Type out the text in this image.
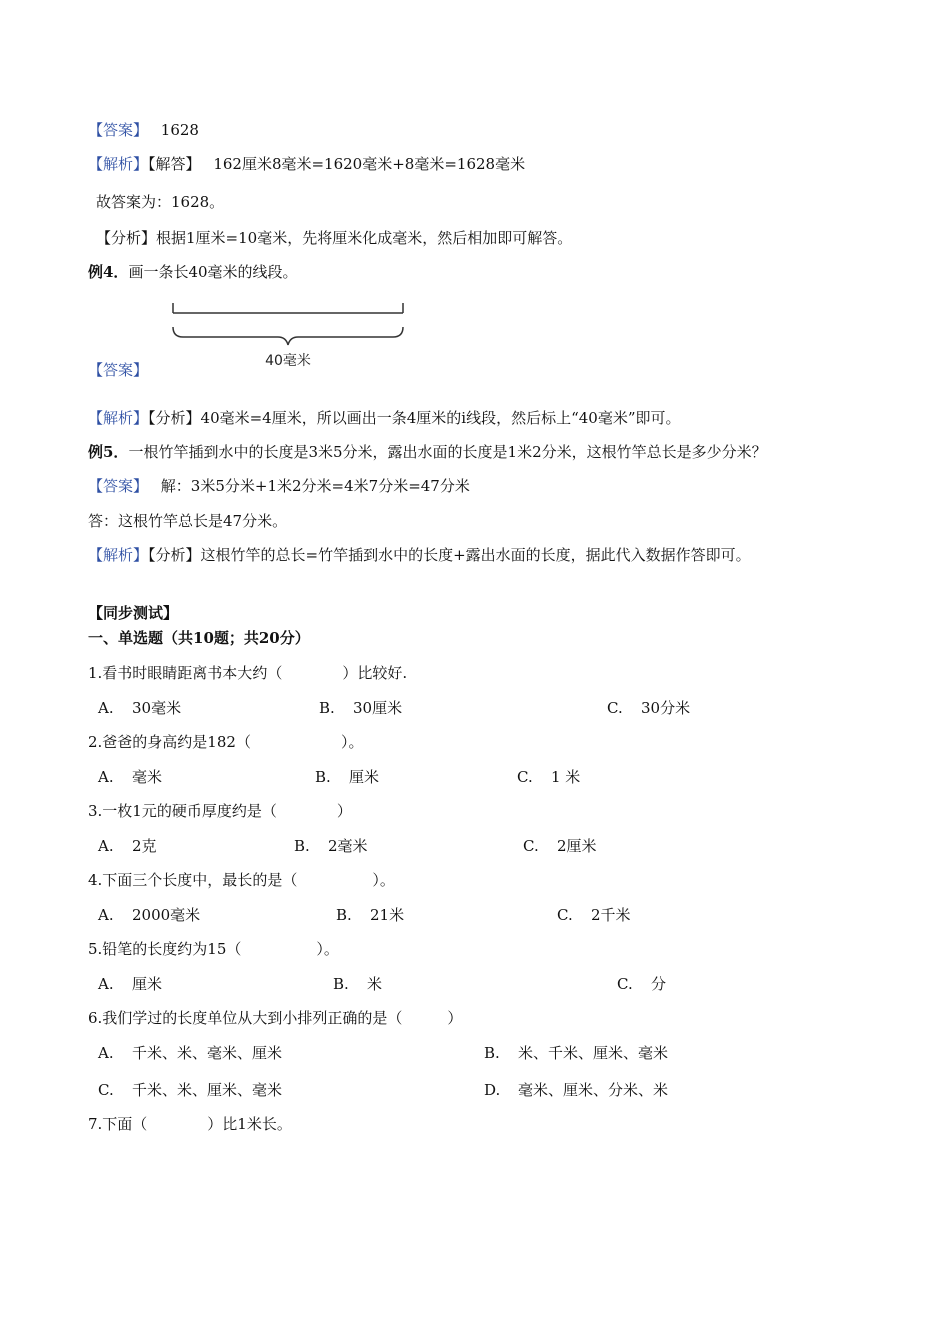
【答案】 1628
【解析】【解答】 162厘米8毫米=1620毫米+8毫米=1628毫米
故答案为：1628。
【分析】根据1厘米=10毫米，先将厘米化成毫米，然后相加即可解答。
例4．画一条长40毫米的线段。
40毫米
【答案】
【解析】【分析】40毫米=4厘米，所以画出一条4厘米的ⅰ线段，然后标上“40毫米”即可。
例5．一根竹竿插到水中的长度是3米5分米，露出水面的长度是1米2分米，这根竹竿总长是多少分米？
【答案】 解：3米5分米+1米2分米=4米7分米=47分米
答：这根竹竿总长是47分米。
【解析】【分析】这根竹竿的总长=竹竿插到水中的长度+露出水面的长度，据此代入数据作答即可。
【同步测试】
一、单选题（共10题；共20分）
1.看书时眼睛距离书本大约（　　　　）比较好.
A. 30毫米	B. 30厘米	C. 30分米
2.爸爸的身高约是182（　　　　　　）。
A. 毫米	B. 厘米	C. 1 米
3.一枚1元的硬币厚度约是（　　　　）
A. 2克	B. 2毫米	C. 2厘米
4.下面三个长度中，最长的是（　　　　　）。
A. 2000毫米	B. 21米	C. 2千米
5.铅笔的长度约为15（　　　　　）。
A. 厘米	B. 米	C. 分
6.我们学过的长度单位从大到小排列正确的是（　　　）
A. 千米、米、毫米、厘米	B. 米、千米、厘米、毫米
C. 千米、米、厘米、毫米	D. 毫米、厘米、分米、米
7.下面（　　　　）比1米长。
